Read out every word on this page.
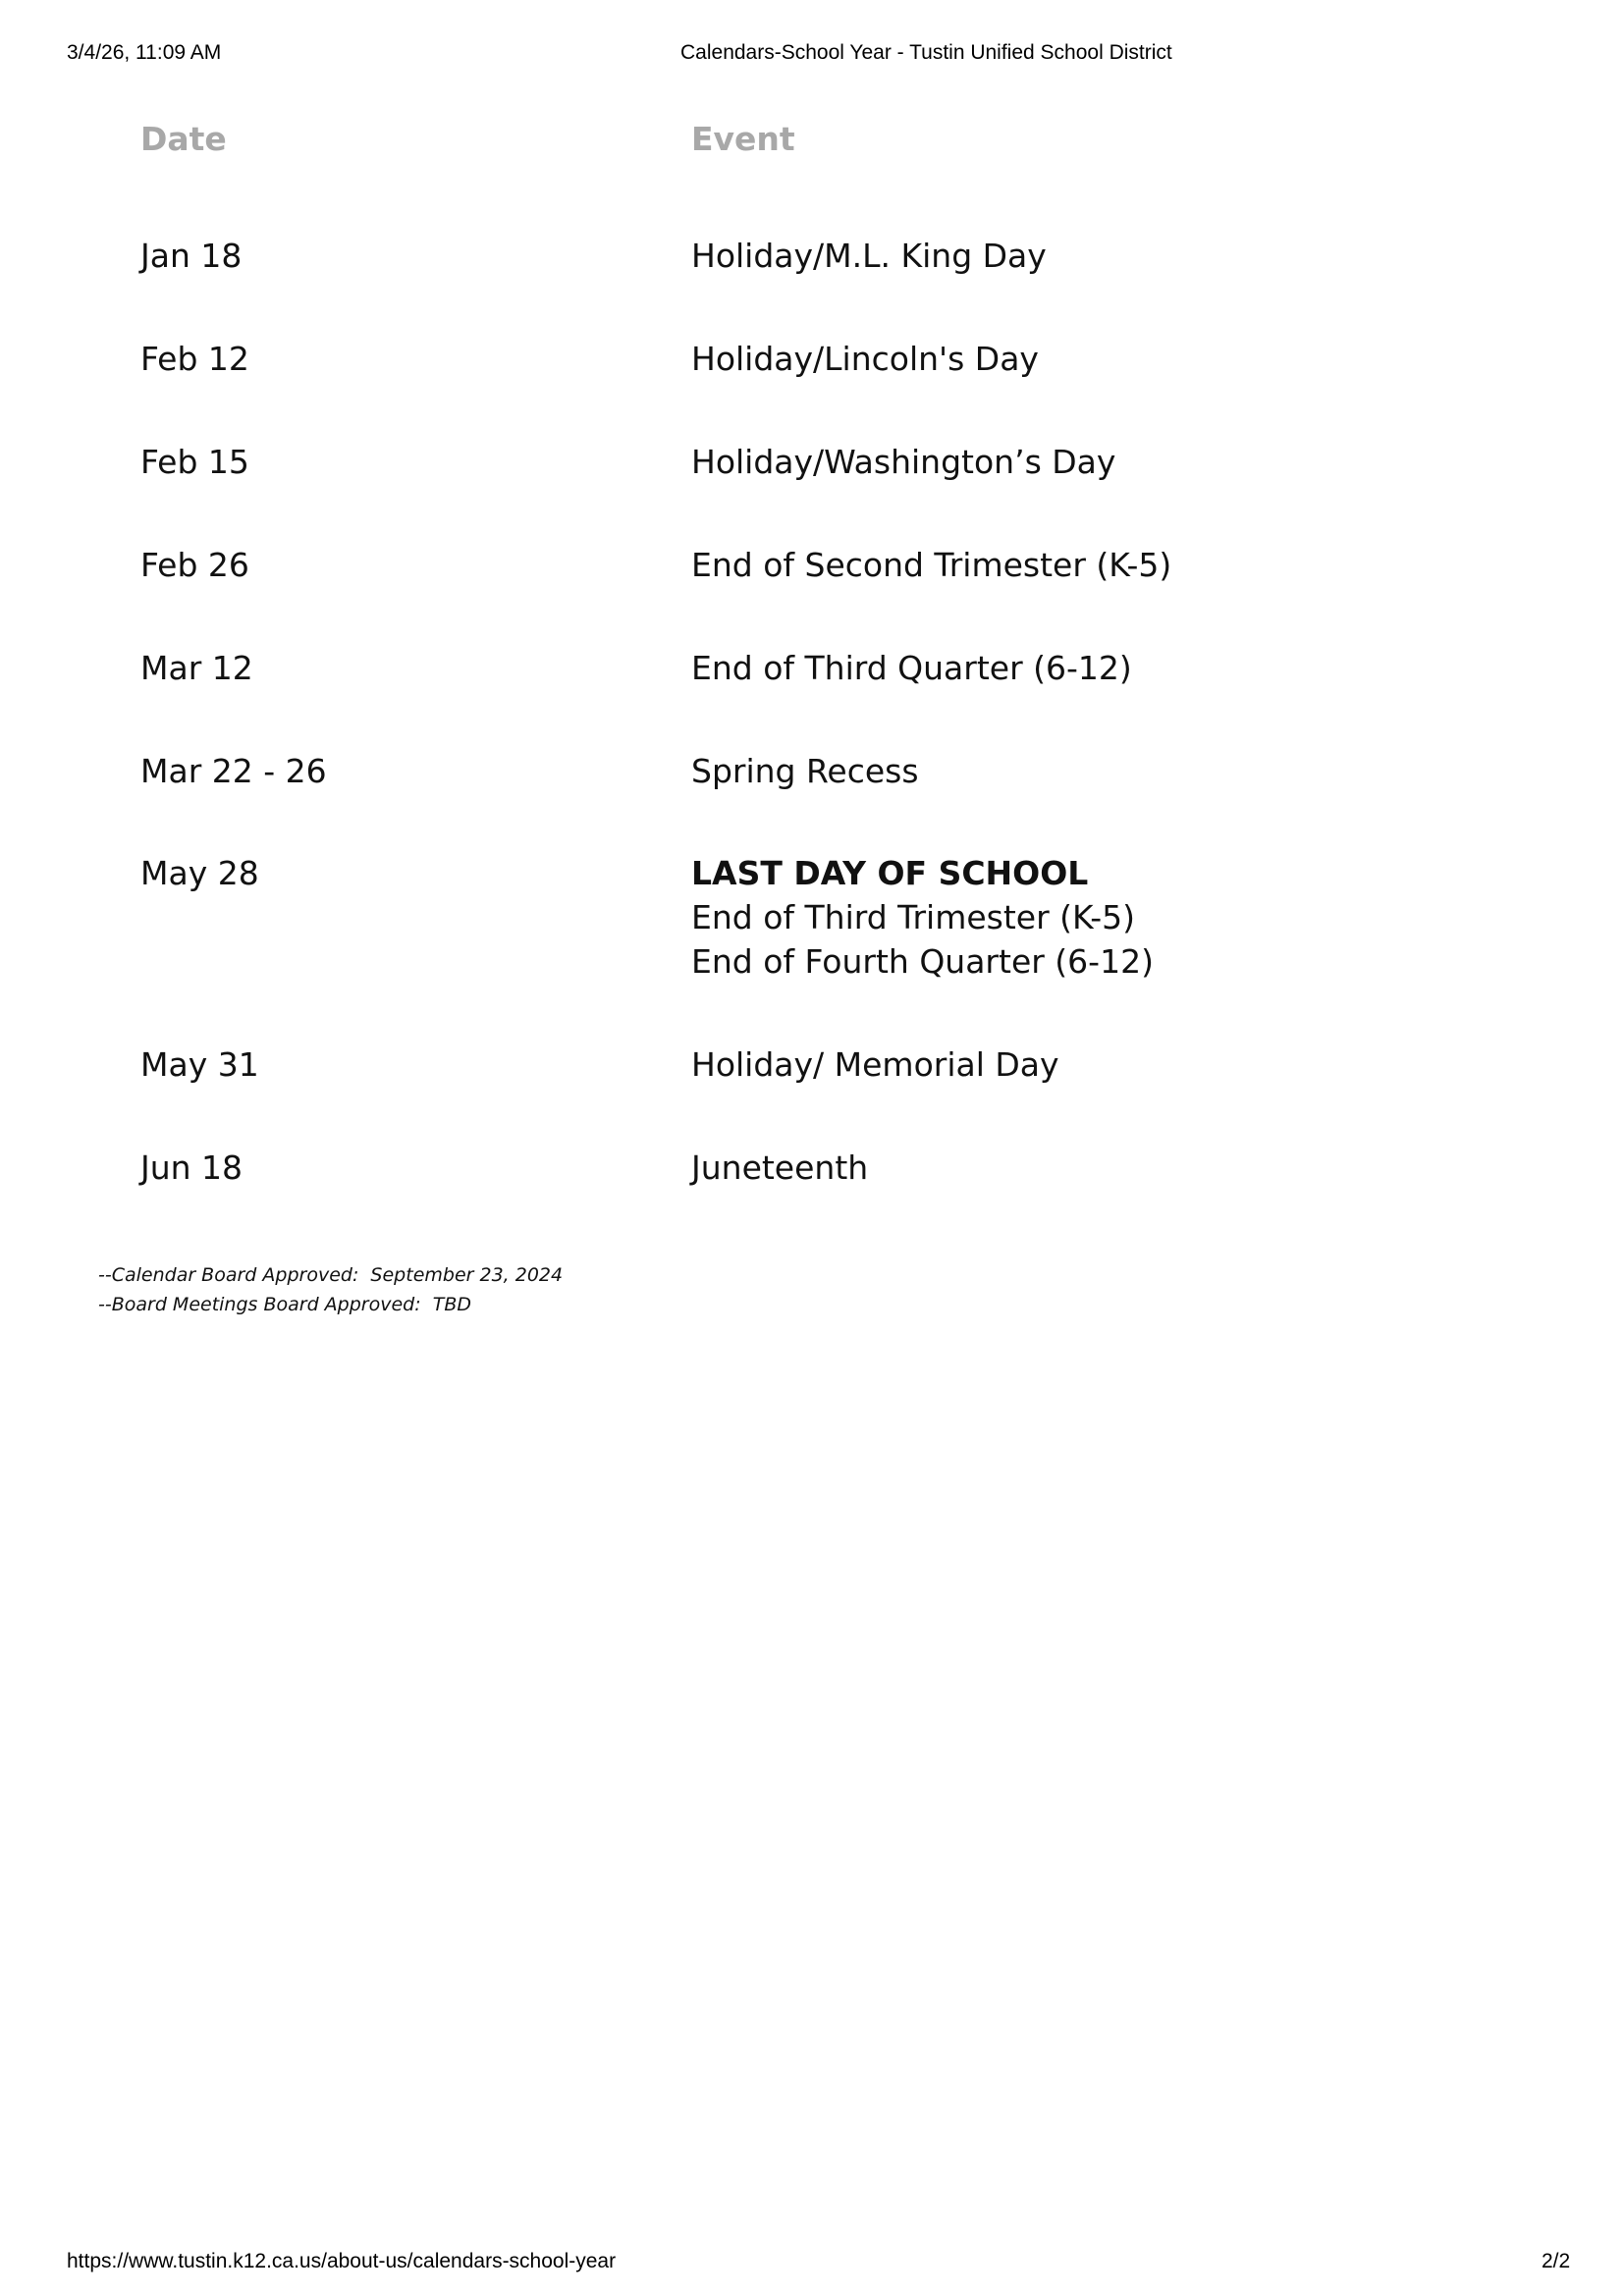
3/4/26, 11:09 AM	Calendars-School Year - Tustin Unified School District
Date	Event
Jan 18	Holiday/M.L. King Day
Feb 12	Holiday/Lincoln's Day
Feb 15	Holiday/Washington’s Day
Feb 26	End of Second Trimester (K-5)
Mar 12	End of Third Quarter (6-12)
Mar 22 - 26	Spring Recess
May 28	LAST DAY OF SCHOOL
End of Third Trimester (K-5)
End of Fourth Quarter (6-12)
May 31	Holiday/ Memorial Day
Jun 18	Juneteenth
--Calendar Board Approved:  September 23, 2024
--Board Meetings Board Approved:  TBD
https://www.tustin.k12.ca.us/about-us/calendars-school-year	2/2
